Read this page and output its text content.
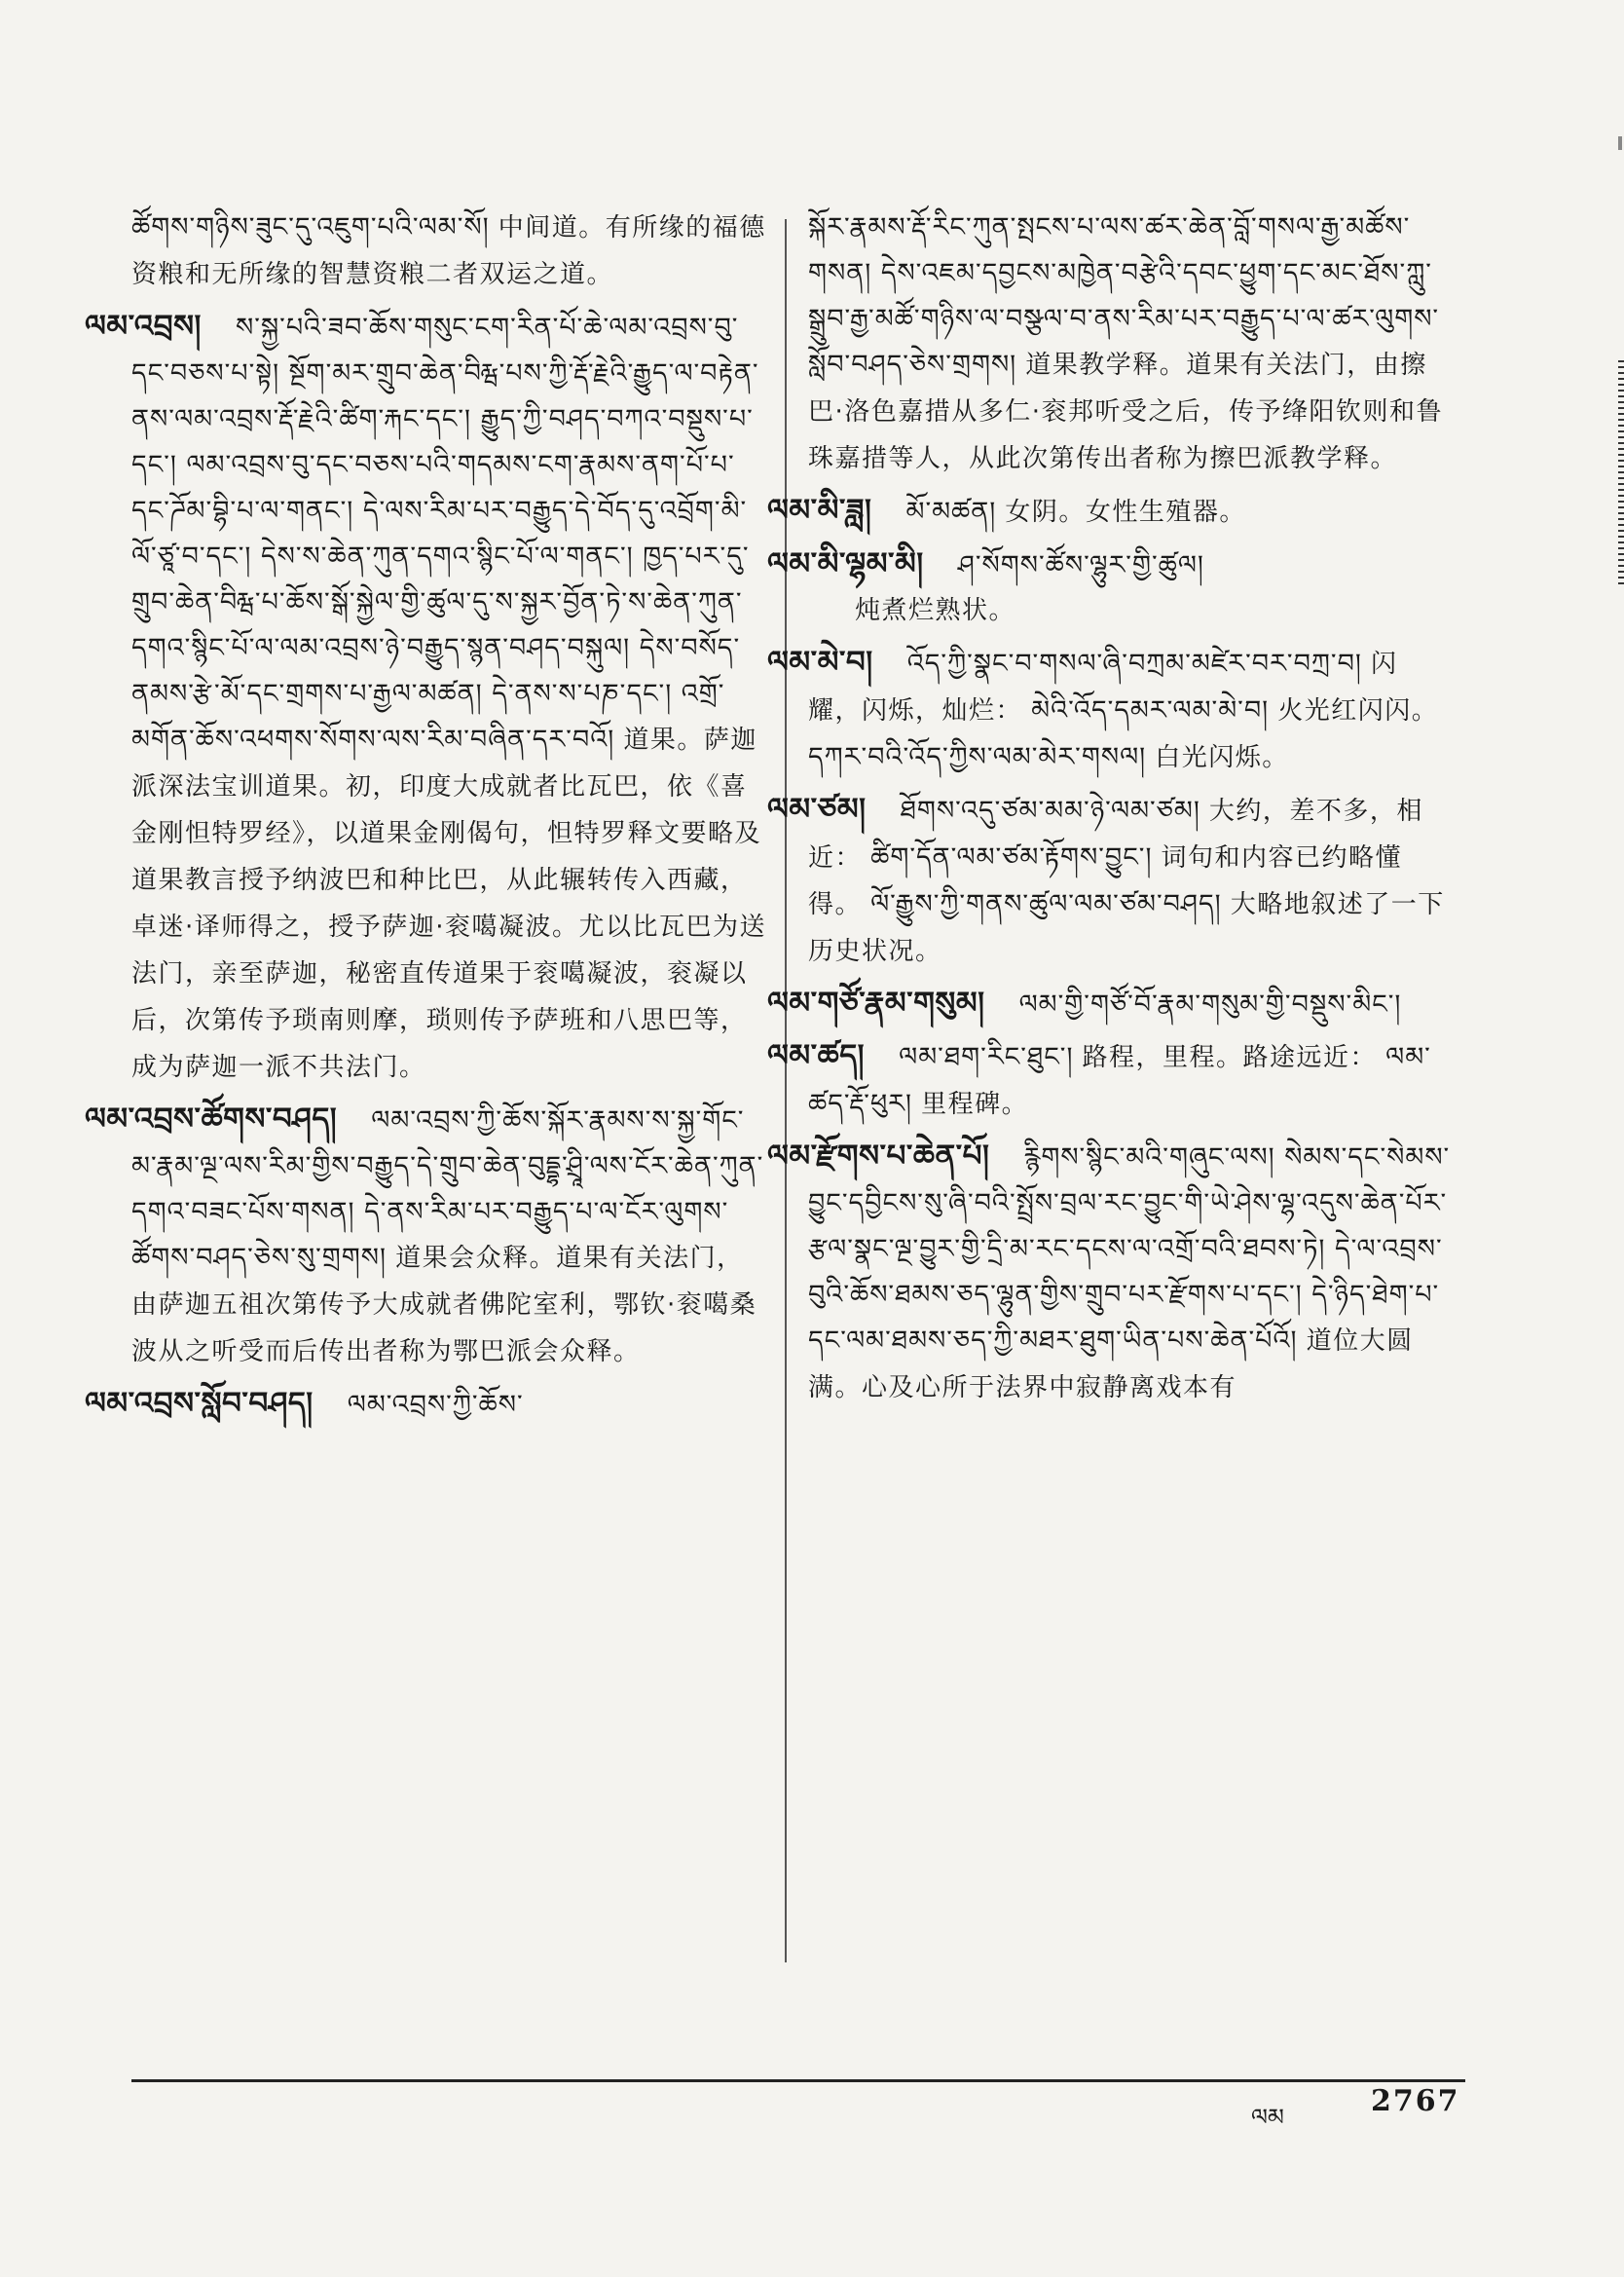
ཚོགས་གཉིས་ཟུང་དུ་འཇུག་པའི་ལམ་སོ། 中间道。有所缘的福德资粮和无所缘的智慧资粮二者双运之道。
ལམ་འབྲས། ས་སྐྱ་པའི་ཟབ་ཆོས་གསུང་ངག་རིན་པོ་ཆེ་ལམ་འབྲས་བུ་དང་བཅས་པ་སྟེ། སྔོག་མར་གྲུབ་ཆེན་བིརྺ་པས་ཀྱི་རྡོ་རྗེའི་རྒྱུད་ལ་བརྟེན་ནས་ལམ་འབྲས་རྡོ་རྗེའི་ཚིག་རྐང་དང་། རྒྱུད་ཀྱི་བཤད་བཀའ་བསྡུས་པ་དང་། ལམ་འབྲས་བུ་དང་བཅས་པའི་གདམས་ངག་རྣམས་ནག་པོ་པ་དང་ཌོམ་བྷི་པ་ལ་གནང་། དེ་ལས་རིམ་པར་བརྒྱུད་དེ་བོད་དུ་འབྲོག་མི་ལོ་ཙཱ་བ་དང་། དེས་ས་ཆེན་ཀུན་དགའ་སྙིང་པོ་ལ་གནང་། ཁྱད་པར་དུ་གྲུབ་ཆེན་བིརྺ་པ་ཆོས་སྒོ་སྐྱེལ་གྱི་ཚུལ་དུ་ས་སྐྱར་བྱོན་ཏེ་ས་ཆེན་ཀུན་དགའ་སྙིང་པོ་ལ་ལམ་འབྲས་ཉེ་བརྒྱུད་སྙན་བཤད་བསྐུལ། དེས་བསོད་ནམས་རྩེ་མོ་དང་གྲགས་པ་རྒྱལ་མཚན། དེ་ནས་ས་པཎ་དང་། འགྲོ་མགོན་ཆོས་འཕགས་སོགས་ལས་རིམ་བཞིན་དར་བའོ། 道果。萨迦派深法宝训道果。初，印度大成就者比瓦巴，依《喜金刚怛特罗经》，以道果金刚偈句，怛特罗释文要略及道果教言授予纳波巴和种比巴，从此辗转传入西藏，卓迷·译师得之，授予萨迦·衮噶凝波。尤以比瓦巴为送法门，亲至萨迦，秘密直传道果于衮噶凝波，衮凝以后，次第传予琐南则摩，琐则传予萨班和八思巴等，成为萨迦一派不共法门。
ལམ་འབྲས་ཚོགས་བཤད། ལམ་འབྲས་ཀྱི་ཆོས་སྐོར་རྣམས་ས་སྐྱ་གོང་མ་རྣམ་ལྔ་ལས་རིམ་གྱིས་བརྒྱུད་དེ་གྲུབ་ཆེན་བུདྡྷ་ཤྲཱི་ལས་ངོར་ཆེན་ཀུན་དགའ་བཟང་པོས་གསན། དེ་ནས་རིམ་པར་བརྒྱུད་པ་ལ་ངོར་ལུགས་ཚོགས་བཤད་ཅེས་སུ་གྲགས། 道果会众释。道果有关法门，由萨迦五祖次第传予大成就者佛陀室利，鄂钦·衮噶桑波从之听受而后传出者称为鄂巴派会众释。
ལམ་འབྲས་སློབ་བཤད། ལམ་འབྲས་ཀྱི་ཆོས་
སྐོར་རྣམས་རྡོ་རིང་ཀུན་སྤངས་པ་ལས་ཚར་ཆེན་བློ་གསལ་རྒྱ་མཚོས་གསན། དེས་འཇམ་དབྱངས་མཁྱེན་བརྩེའི་དབང་ཕྱུག་དང་མང་ཐོས་ཀླུ་སྒྲུབ་རྒྱ་མཚོ་གཉིས་ལ་བསྩལ་བ་ནས་རིམ་པར་བརྒྱུད་པ་ལ་ཚར་ལུགས་སློབ་བཤད་ཅེས་གྲགས། 道果教学释。道果有关法门，由擦巴·洛色嘉措从多仁·衮邦听受之后，传予绛阳钦则和鲁珠嘉措等人，从此次第传出者称为擦巴派教学释。
ལམ་མི་ཟླ། མོ་མཚན། 女阴。女性生殖器。
ལམ་མི་ལྷམ་མི། ཤ་སོགས་ཚོས་ལྷུར་གྱི་ཚུལ།
炖煮烂熟状。
ལམ་མེ་བ། འོད་ཀྱི་སྣང་བ་གསལ་ཞི་བཀྲམ་མཛེར་བར་བཀྲ་བ། 闪耀，闪烁，灿烂： མེའི་འོད་དམར་ལམ་མེ་བ། 火光红闪闪。 དཀར་བའི་འོད་ཀྱིས་ལམ་མེར་གསལ། 白光闪烁。
ལམ་ཙམ། ཐོགས་འདུ་ཙམ་མམ་ཉེ་ལམ་ཙམ། 大约，差不多，相近： ཚིག་དོན་ལམ་ཙམ་རྟོགས་བྱུང་། 词句和内容已约略懂得。 ལོ་རྒྱུས་ཀྱི་གནས་ཚུལ་ལམ་ཙམ་བཤད། 大略地叙述了一下历史状况。
ལམ་གཙོ་རྣམ་གསུམ། ལམ་གྱི་གཙོ་བོ་རྣམ་གསུམ་གྱི་བསྡུས་མིང་།
ལམ་ཚད། ལམ་ཐག་རིང་ཐུང་། 路程，里程。路途远近： ལམ་ཚད་རྡོ་ཕུར། 里程碑。
ལམ་རྫོགས་པ་ཆེན་པོ། རྙིགས་སྙིང་མའི་གཞུང་ལས། སེམས་དང་སེམས་བྱུང་དབྱིངས་སུ་ཞི་བའི་སྤྲོས་བྲལ་རང་བྱུང་གི་ཡེ་ཤེས་ལྷ་འདུས་ཆེན་པོར་རྩལ་སྣང་ལྔ་བྱུར་གྱི་དྲི་མ་རང་དངས་ལ་འགྲོ་བའི་ཐབས་ཏེ། དེ་ལ་འབྲས་བུའི་ཆོས་ཐམས་ཅད་ལྷུན་གྱིས་གྲུབ་པར་རྫོགས་པ་དང་། དེ་ཉིད་ཐེག་པ་དང་ལམ་ཐམས་ཅད་ཀྱི་མཐར་ཐུག་ཡིན་པས་ཆེན་པོའོ། 道位大圆满。心及心所于法界中寂静离戏本有
ལམ	2767
